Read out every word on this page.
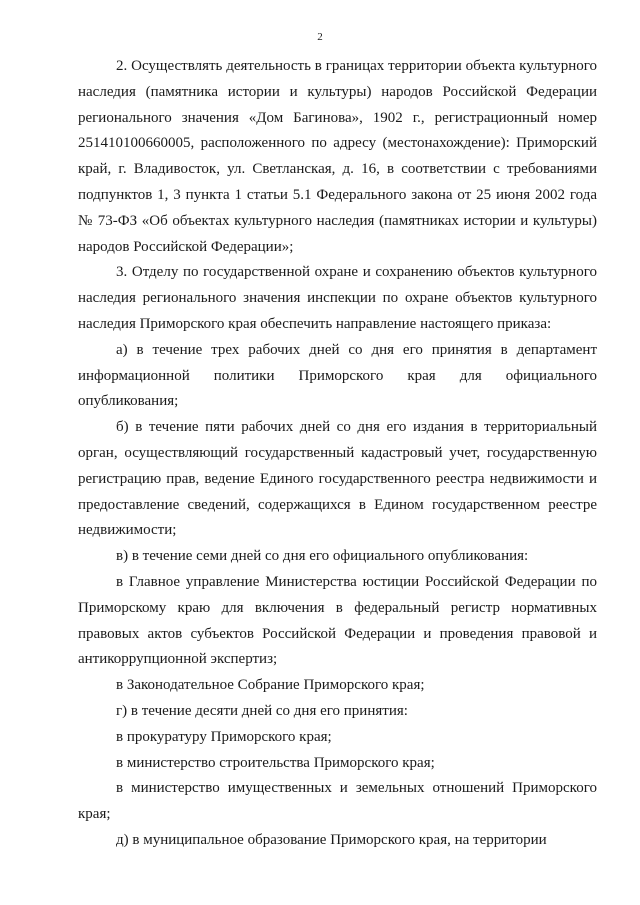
2

2. Осуществлять деятельность в границах территории объекта культурного наследия (памятника истории и культуры) народов Российской Федерации регионального значения «Дом Багинова», 1902 г., регистрационный номер 251410100660005, расположенного по адресу (местонахождение): Приморский край, г. Владивосток, ул. Светланская, д. 16, в соответствии с требованиями подпунктов 1, 3 пункта 1 статьи 5.1 Федерального закона от 25 июня 2002 года № 73-ФЗ «Об объектах культурного наследия (памятниках истории и культуры) народов Российской Федерации»;

3. Отделу по государственной охране и сохранению объектов культурного наследия регионального значения инспекции по охране объектов культурного наследия Приморского края обеспечить направление настоящего приказа:

а) в течение трех рабочих дней со дня его принятия в департамент информационной политики Приморского края для официального опубликования;

б) в течение пяти рабочих дней со дня его издания в территориальный орган, осуществляющий государственный кадастровый учет, государственную регистрацию прав, ведение Единого государственного реестра недвижимости и предоставление сведений, содержащихся в Едином государственном реестре недвижимости;

в) в течение семи дней со дня его официального опубликования:

в Главное управление Министерства юстиции Российской Федерации по Приморскому краю для включения в федеральный регистр нормативных правовых актов субъектов Российской Федерации и проведения правовой и антикоррупционной экспертиз;

в Законодательное Собрание Приморского края;

г) в течение десяти дней со дня его принятия:

в прокуратуру Приморского края;

в министерство строительства Приморского края;

в министерство имущественных и земельных отношений Приморского края;

д) в муниципальное образование Приморского края, на территории
